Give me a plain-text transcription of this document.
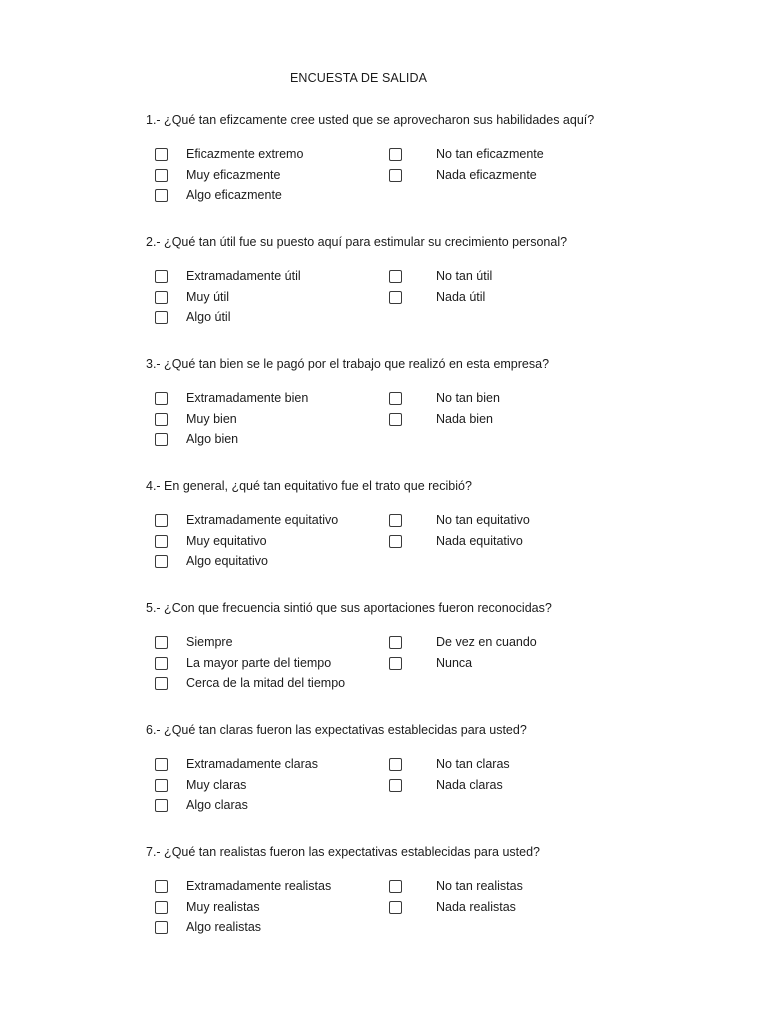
ENCUESTA DE SALIDA
1.- ¿Qué tan efizcamente cree usted que se aprovecharon sus habilidades aquí?
Eficazmente extremo
Muy eficazmente
Algo eficazmente
No tan eficazmente
Nada eficazmente
2.- ¿Qué tan útil fue su puesto aquí para estimular su crecimiento personal?
Extramadamente útil
Muy útil
Algo útil
No tan útil
Nada útil
3.- ¿Qué tan bien se le pagó por el trabajo que realizó en esta empresa?
Extramadamente bien
Muy bien
Algo bien
No tan bien
Nada bien
4.- En general, ¿qué tan equitativo fue el trato que recibió?
Extramadamente equitativo
Muy equitativo
Algo equitativo
No tan equitativo
Nada equitativo
5.- ¿Con que frecuencia sintió que sus aportaciones fueron reconocidas?
Siempre
La mayor parte del tiempo
Cerca de la mitad del tiempo
De vez en cuando
Nunca
6.- ¿Qué tan claras fueron las expectativas establecidas para usted?
Extramadamente claras
Muy claras
Algo claras
No tan claras
Nada claras
7.- ¿Qué tan realistas fueron las expectativas establecidas para usted?
Extramadamente realistas
Muy realistas
Algo realistas
No tan realistas
Nada realistas
